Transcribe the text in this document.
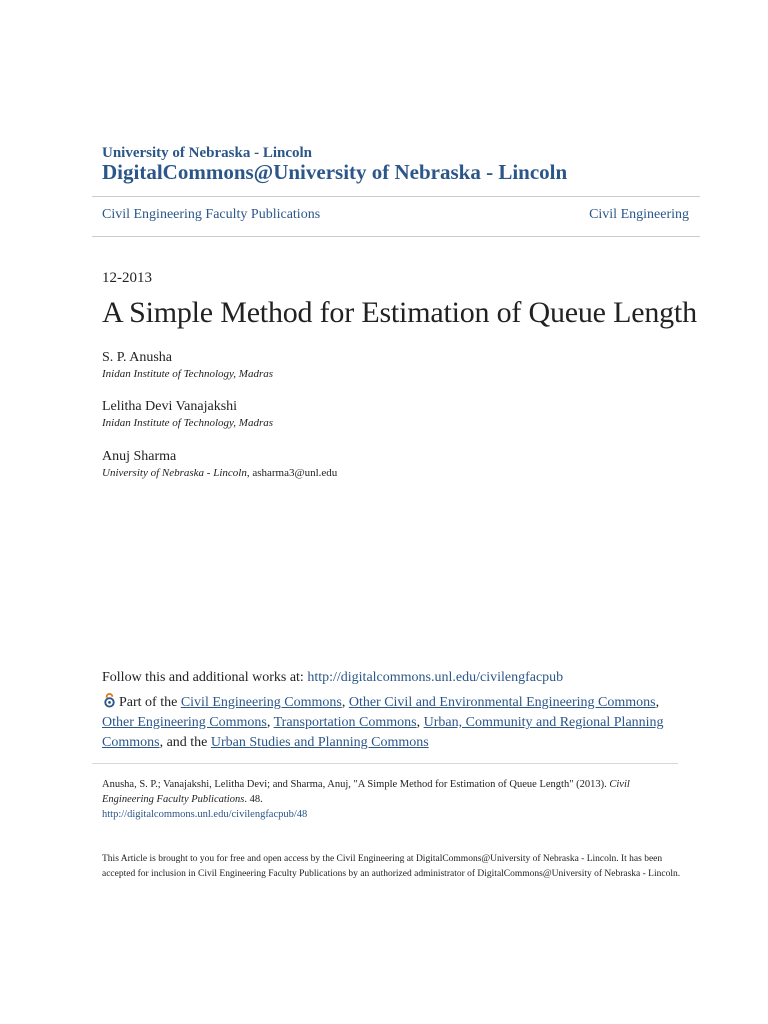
University of Nebraska - Lincoln
DigitalCommons@University of Nebraska - Lincoln
Civil Engineering Faculty Publications	Civil Engineering
12-2013
A Simple Method for Estimation of Queue Length
S. P. Anusha
Inidan Institute of Technology, Madras
Lelitha Devi Vanajakshi
Inidan Institute of Technology, Madras
Anuj Sharma
University of Nebraska - Lincoln, asharma3@unl.edu
Follow this and additional works at: http://digitalcommons.unl.edu/civilengfacpub
Part of the Civil Engineering Commons, Other Civil and Environmental Engineering Commons, Other Engineering Commons, Transportation Commons, Urban, Community and Regional Planning Commons, and the Urban Studies and Planning Commons
Anusha, S. P.; Vanajakshi, Lelitha Devi; and Sharma, Anuj, "A Simple Method for Estimation of Queue Length" (2013). Civil Engineering Faculty Publications. 48.
http://digitalcommons.unl.edu/civilengfacpub/48
This Article is brought to you for free and open access by the Civil Engineering at DigitalCommons@University of Nebraska - Lincoln. It has been accepted for inclusion in Civil Engineering Faculty Publications by an authorized administrator of DigitalCommons@University of Nebraska - Lincoln.
